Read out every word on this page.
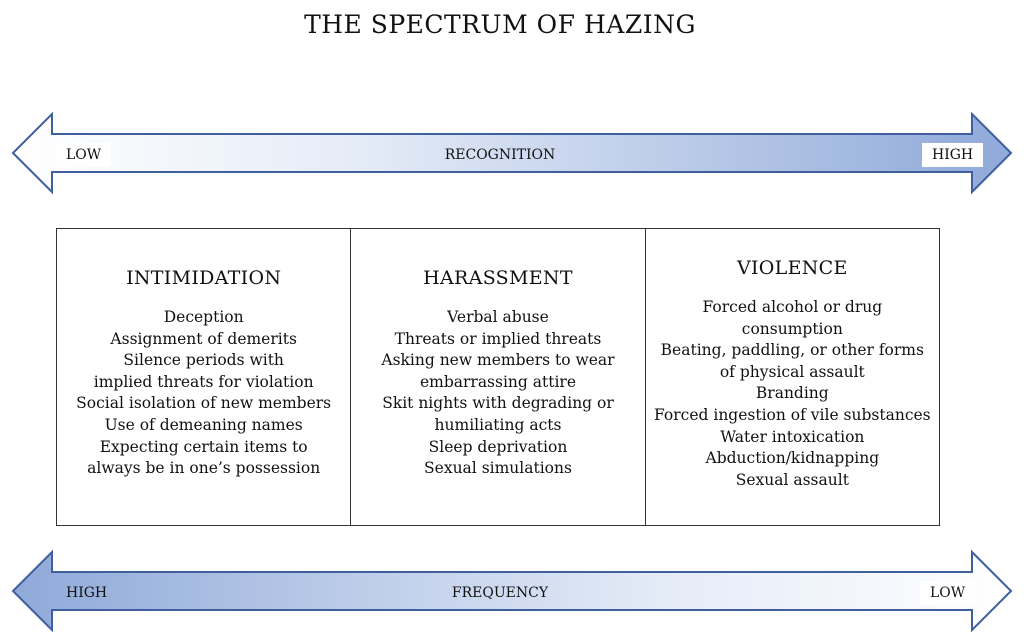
THE SPECTRUM OF HAZING
LOW	RECOGNITION	HIGH
INTIMIDATION
Deception
Assignment of demerits
Silence periods with implied threats for violation
Social isolation of new members
Use of demeaning names
Expecting certain items to always be in one’s possession
HARASSMENT
Verbal abuse
Threats or implied threats
Asking new members to wear embarrassing attire
Skit nights with degrading or humiliating acts
Sleep deprivation
Sexual simulations
VIOLENCE
Forced alcohol or drug consumption
Beating, paddling, or other forms of physical assault
Branding
Forced ingestion of vile substances
Water intoxication
Abduction/kidnapping
Sexual assault
HIGH	FREQUENCY	LOW
